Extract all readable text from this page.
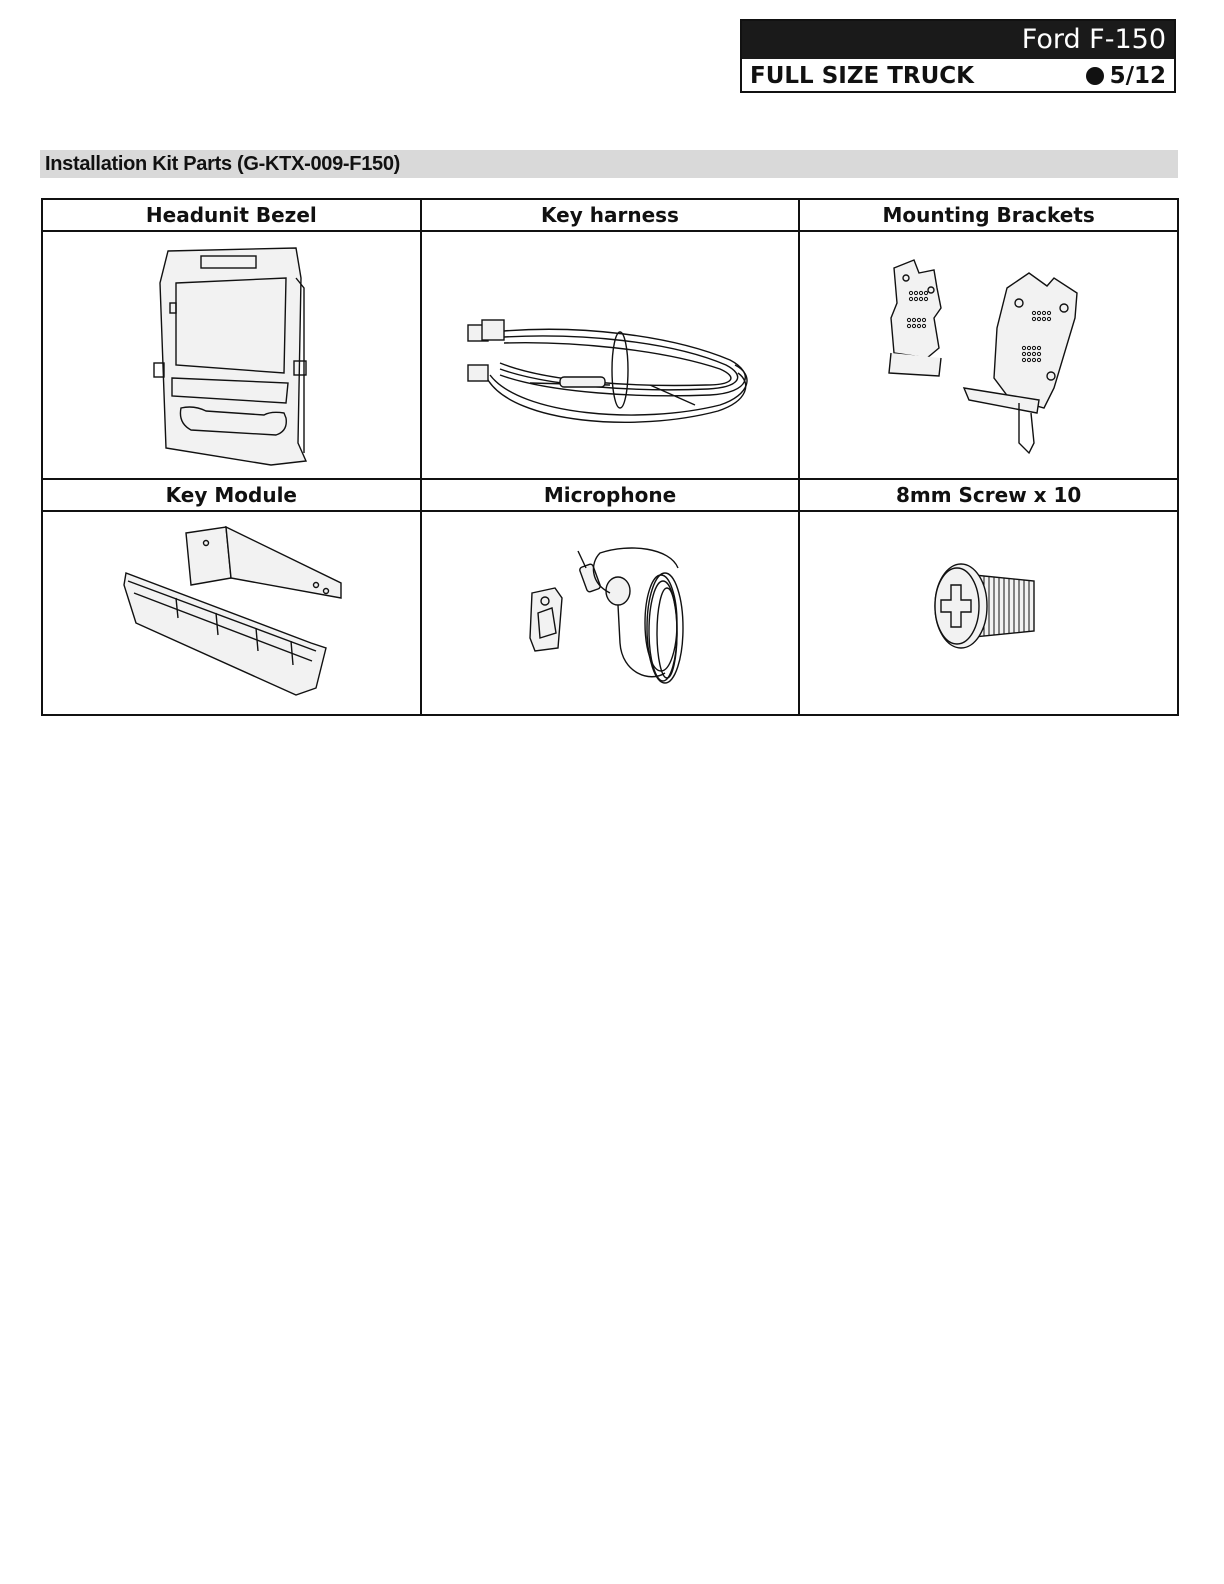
Ford F-150
FULL SIZE TRUCK	5/12
Installation Kit Parts (G-KTX-009-F150)
Headunit Bezel	Key harness	Mounting Brackets

Key Module	Microphone	8mm Screw x 10
